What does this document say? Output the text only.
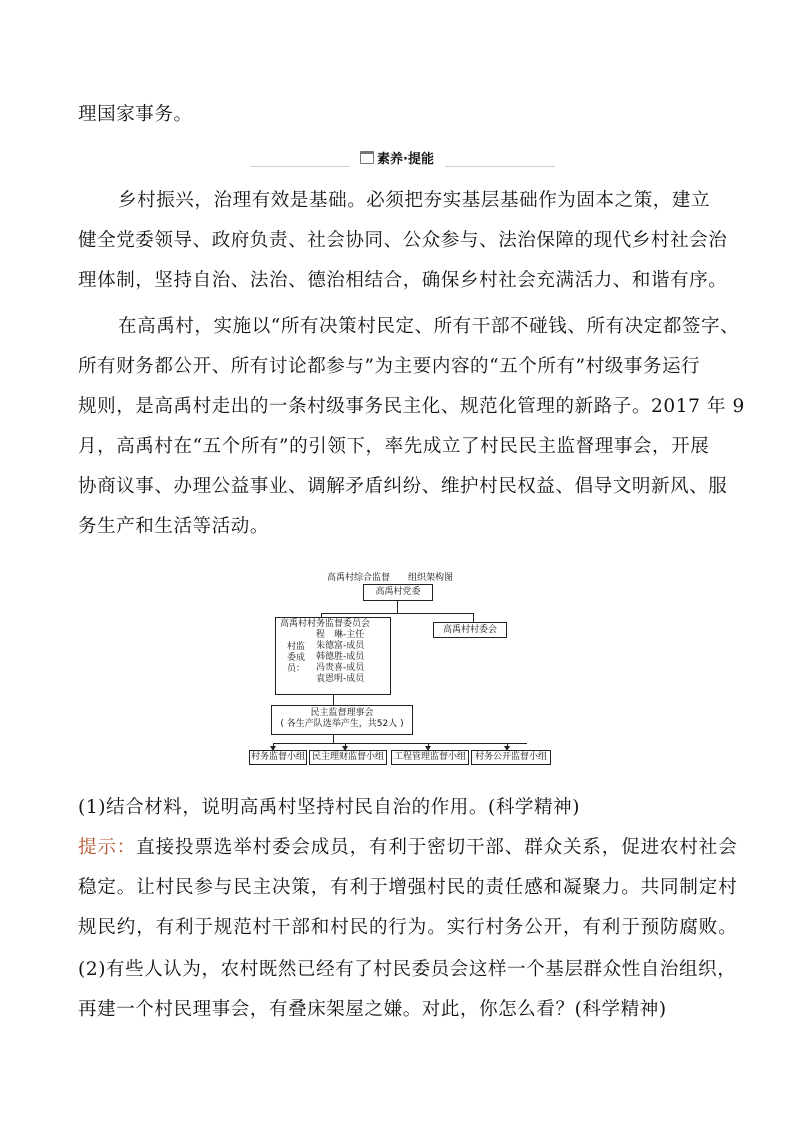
理国家事务。
素养·提能
乡村振兴，治理有效是基础。必须把夯实基层基础作为固本之策，建立
健全党委领导、政府负责、社会协同、公众参与、法治保障的现代乡村社会治
理体制，坚持自治、法治、德治相结合，确保乡村社会充满活力、和谐有序。
在高禹村，实施以“所有决策村民定、所有干部不碰钱、所有决定都签字、
所有财务都公开、所有讨论都参与”为主要内容的“五个所有”村级事务运行
规则，是高禹村走出的一条村级事务民主化、规范化管理的新路子。2017 年 9
月，高禹村在“五个所有”的引领下，率先成立了村民民主监督理事会，开展
协商议事、办理公益事业、调解矛盾纠纷、维护村民权益、倡导文明新风、服
务生产和生活等活动。
高禹村综合监督　　组织架构图
高禹村党委
高禹村村务监督委员会
村监
委成
员：
程　琳-主任
朱德富-成员
韩德胜-成员
冯贵喜-成员
袁恩明-成员
高禹村村委会
民主监督理事会
( 各生产队选举产生，共52人 )
村务监督小组 民主理财监督小组	工程管理监督小组 村务公开监督小组
(1)结合材料，说明高禹村坚持村民自治的作用。(科学精神)
提示：直接投票选举村委会成员，有利于密切干部、群众关系，促进农村社会
稳定。让村民参与民主决策，有利于增强村民的责任感和凝聚力。共同制定村
规民约，有利于规范村干部和村民的行为。实行村务公开，有利于预防腐败。
(2)有些人认为，农村既然已经有了村民委员会这样一个基层群众性自治组织，
再建一个村民理事会，有叠床架屋之嫌。对此，你怎么看？(科学精神)
